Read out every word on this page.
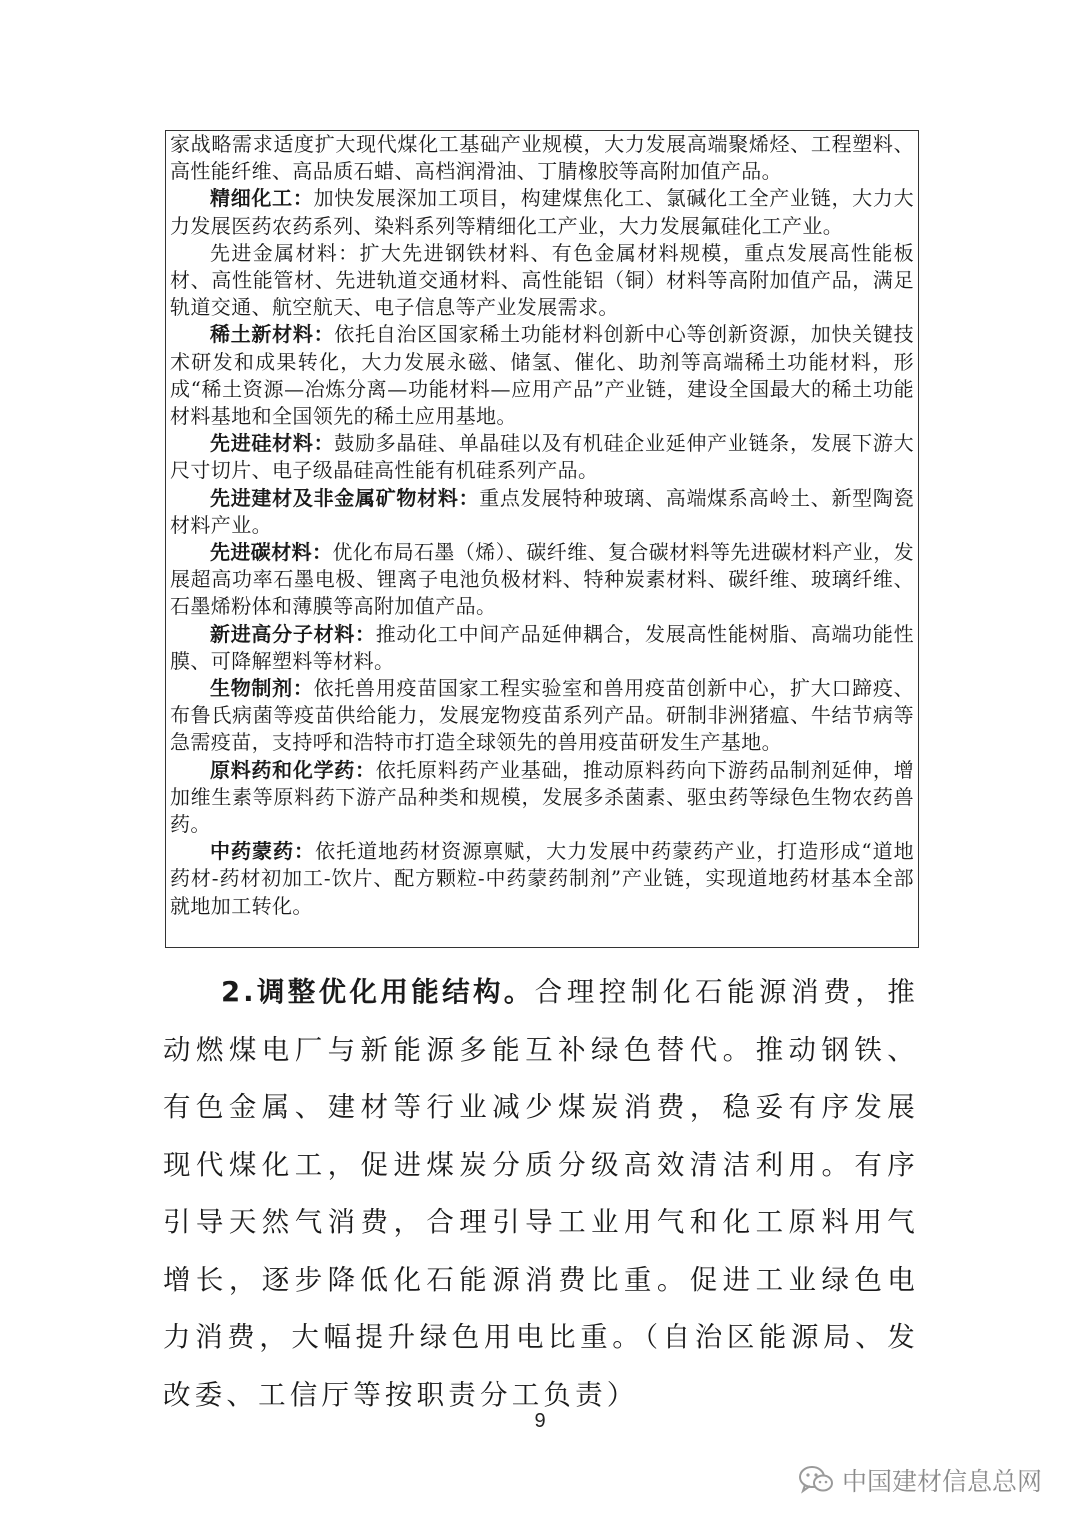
家战略需求适度扩大现代煤化工基础产业规模，大力发展高端聚烯烃、工程塑料、高性能纤维、高品质石蜡、高档润滑油、丁腈橡胶等高附加值产品。

精细化工：加快发展深加工项目，构建煤焦化工、氯碱化工全产业链，大力大力发展医药农药系列、染料系列等精细化工产业，大力发展氟硅化工产业。

先进金属材料：扩大先进钢铁材料、有色金属材料规模，重点发展高性能板材、高性能管材、先进轨道交通材料、高性能铝（铜）材料等高附加值产品，满足轨道交通、航空航天、电子信息等产业发展需求。

稀土新材料：依托自治区国家稀土功能材料创新中心等创新资源，加快关键技术研发和成果转化，大力发展永磁、储氢、催化、助剂等高端稀土功能材料，形成“稀土资源—冶炼分离—功能材料—应用产品”产业链，建设全国最大的稀土功能材料基地和全国领先的稀土应用基地。

先进硅材料：鼓励多晶硅、单晶硅以及有机硅企业延伸产业链条，发展下游大尺寸切片、电子级晶硅高性能有机硅系列产品。

先进建材及非金属矿物材料：重点发展特种玻璃、高端煤系高岭土、新型陶瓷材料产业。

先进碳材料：优化布局石墨（烯）、碳纤维、复合碳材料等先进碳材料产业，发展超高功率石墨电极、锂离子电池负极材料、特种炭素材料、碳纤维、玻璃纤维、石墨烯粉体和薄膜等高附加值产品。

新进高分子材料：推动化工中间产品延伸耦合，发展高性能树脂、高端功能性膜、可降解塑料等材料。

生物制剂：依托兽用疫苗国家工程实验室和兽用疫苗创新中心，扩大口蹄疫、布鲁氏病菌等疫苗供给能力，发展宠物疫苗系列产品。研制非洲猪瘟、牛结节病等急需疫苗，支持呼和浩特市打造全球领先的兽用疫苗研发生产基地。

原料药和化学药：依托原料药产业基础，推动原料药向下游药品制剂延伸，增加维生素等原料药下游产品种类和规模，发展多杀菌素、驱虫药等绿色生物农药兽药。

中药蒙药：依托道地药材资源禀赋，大力发展中药蒙药产业，打造形成“道地药材-药材初加工-饮片、配方颗粒-中药蒙药制剂”产业链，实现道地药材基本全部就地加工转化。

2.调整优化用能结构。合理控制化石能源消费，推动燃煤电厂与新能源多能互补绿色替代。推动钢铁、有色金属、建材等行业减少煤炭消费，稳妥有序发展现代煤化工，促进煤炭分质分级高效清洁利用。有序引导天然气消费，合理引导工业用气和化工原料用气增长，逐步降低化石能源消费比重。促进工业绿色电力消费，大幅提升绿色用电比重。（自治区能源局、发改委、工信厅等按职责分工负责）

9
中国建材信息总网
